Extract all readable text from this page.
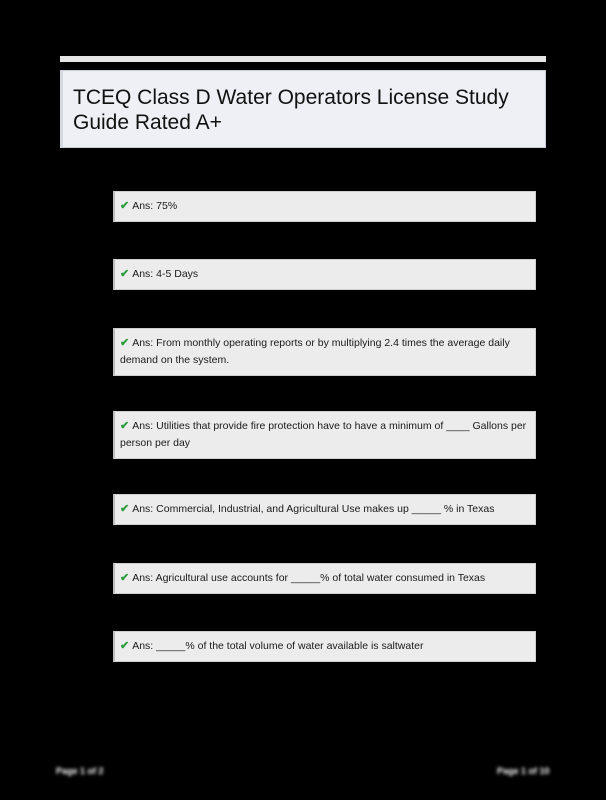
TCEQ Class D Water Operators License Study Guide Rated A+
✔ Ans: 75%
✔ Ans: 4-5 Days
✔ Ans: From monthly operating reports or by multiplying 2.4 times the average daily demand on the system.
✔ Ans: Utilities that provide fire protection have to have a minimum of ____ Gallons per person per day
✔ Ans: Commercial, Industrial, and Agricultural Use makes up _____ % in Texas
✔ Ans: Agricultural use accounts for _____% of total water consumed in Texas
✔ Ans: _____% of the total volume of water available is saltwater
Page 1 of 2	Page 1 of 10
